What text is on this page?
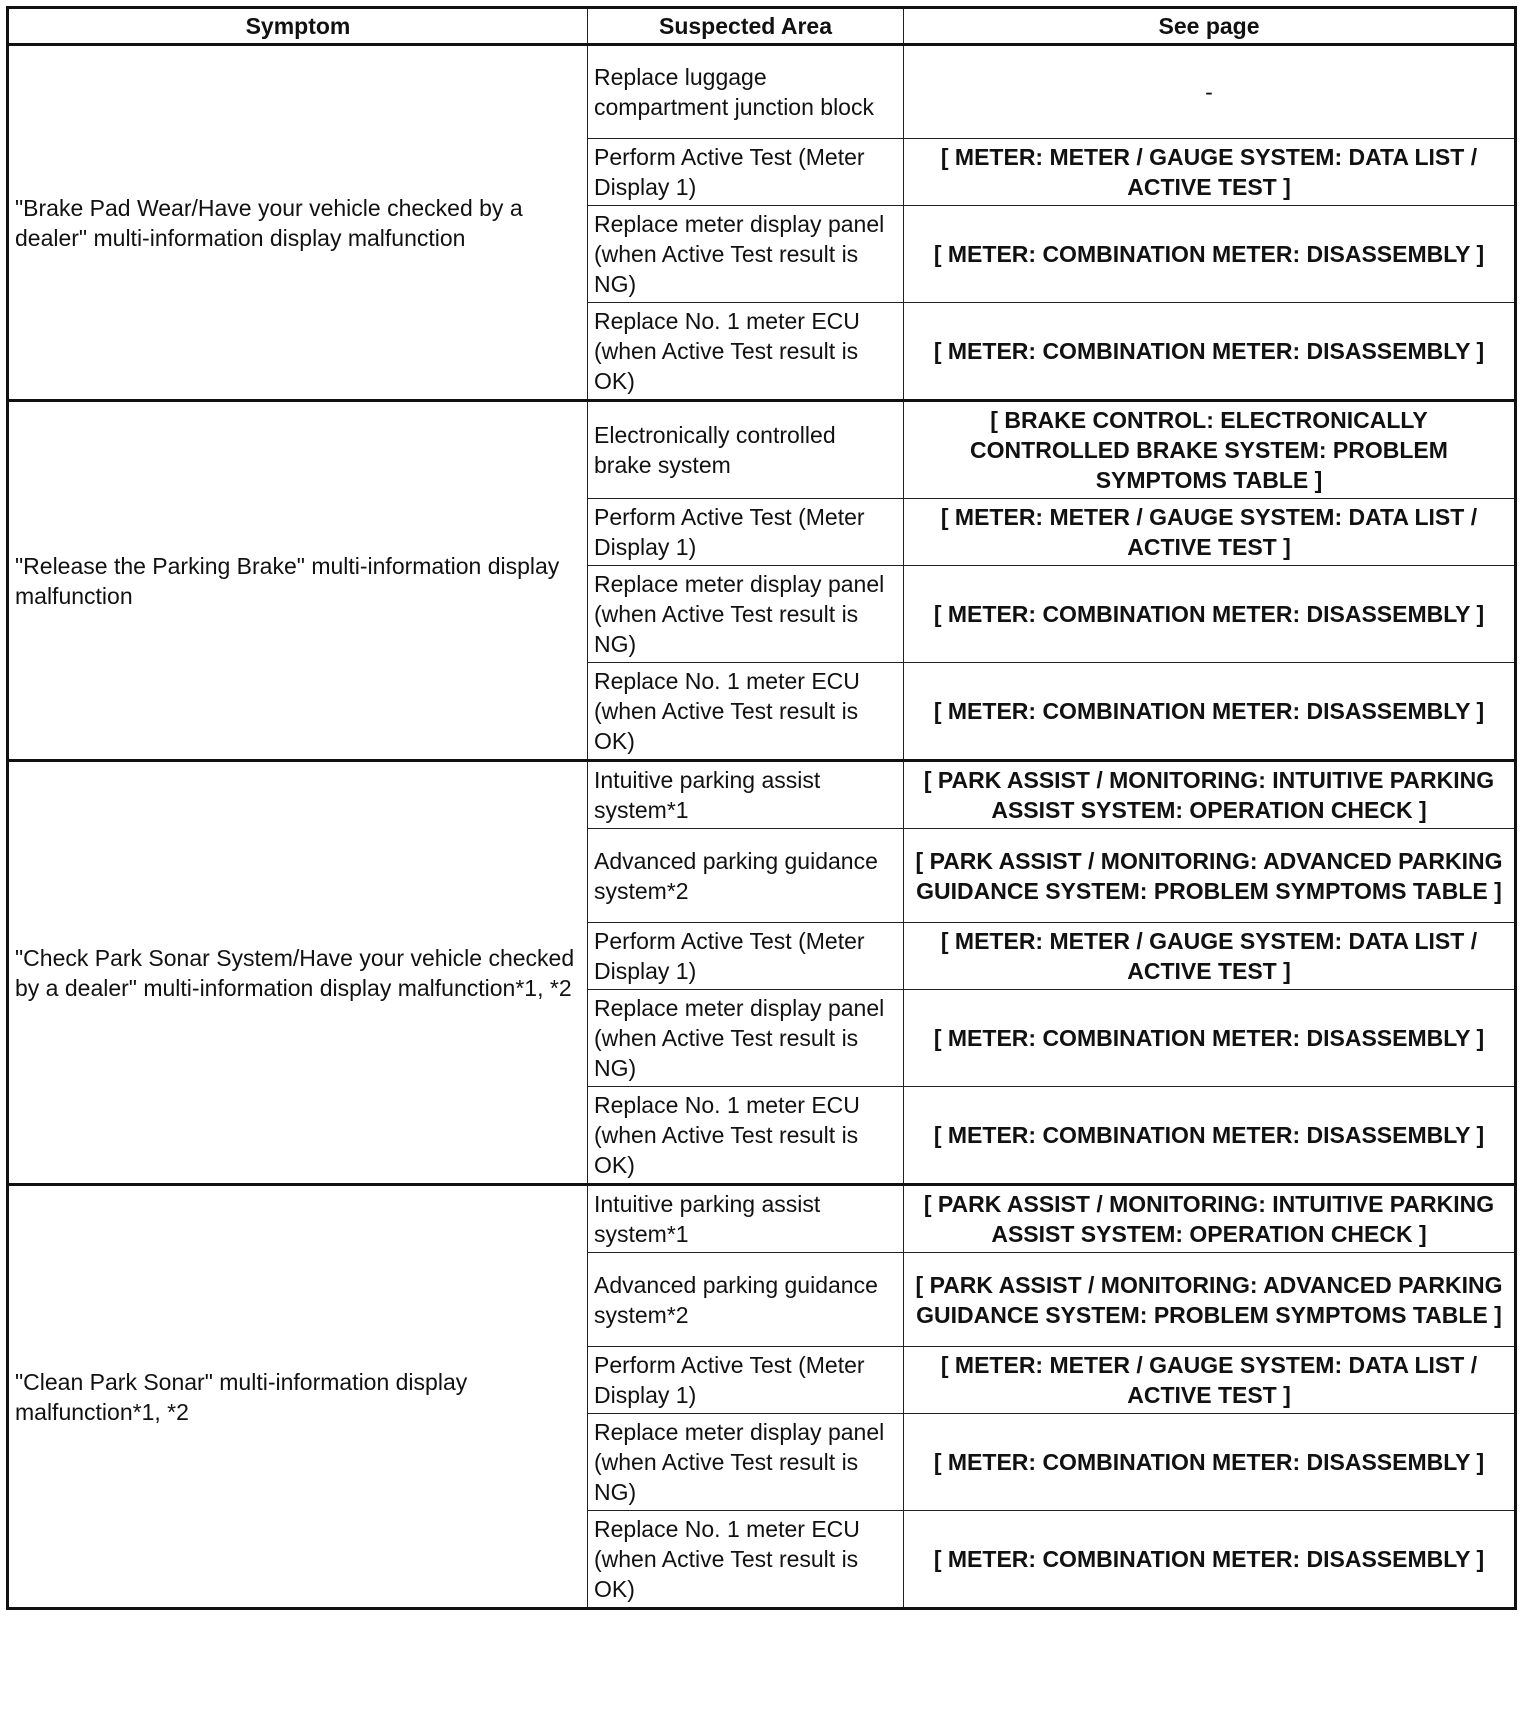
Symptom	Suspected Area	See page
"Brake Pad Wear/Have your vehicle checked by a dealer" multi-information display malfunction	Replace luggage compartment junction block	-
	Perform Active Test (Meter Display 1)	[ METER: METER / GAUGE SYSTEM: DATA LIST / ACTIVE TEST ]
	Replace meter display panel (when Active Test result is NG)	[ METER: COMBINATION METER: DISASSEMBLY ]
	Replace No. 1 meter ECU (when Active Test result is OK)	[ METER: COMBINATION METER: DISASSEMBLY ]
"Release the Parking Brake" multi-information display malfunction	Electronically controlled brake system	[ BRAKE CONTROL: ELECTRONICALLY CONTROLLED BRAKE SYSTEM: PROBLEM SYMPTOMS TABLE ]
	Perform Active Test (Meter Display 1)	[ METER: METER / GAUGE SYSTEM: DATA LIST / ACTIVE TEST ]
	Replace meter display panel (when Active Test result is NG)	[ METER: COMBINATION METER: DISASSEMBLY ]
	Replace No. 1 meter ECU (when Active Test result is OK)	[ METER: COMBINATION METER: DISASSEMBLY ]
"Check Park Sonar System/Have your vehicle checked by a dealer" multi-information display malfunction*1, *2	Intuitive parking assist system*1	[ PARK ASSIST / MONITORING: INTUITIVE PARKING ASSIST SYSTEM: OPERATION CHECK ]
	Advanced parking guidance system*2	[ PARK ASSIST / MONITORING: ADVANCED PARKING GUIDANCE SYSTEM: PROBLEM SYMPTOMS TABLE ]
	Perform Active Test (Meter Display 1)	[ METER: METER / GAUGE SYSTEM: DATA LIST / ACTIVE TEST ]
	Replace meter display panel (when Active Test result is NG)	[ METER: COMBINATION METER: DISASSEMBLY ]
	Replace No. 1 meter ECU (when Active Test result is OK)	[ METER: COMBINATION METER: DISASSEMBLY ]
"Clean Park Sonar" multi-information display malfunction*1, *2	Intuitive parking assist system*1	[ PARK ASSIST / MONITORING: INTUITIVE PARKING ASSIST SYSTEM: OPERATION CHECK ]
	Advanced parking guidance system*2	[ PARK ASSIST / MONITORING: ADVANCED PARKING GUIDANCE SYSTEM: PROBLEM SYMPTOMS TABLE ]
	Perform Active Test (Meter Display 1)	[ METER: METER / GAUGE SYSTEM: DATA LIST / ACTIVE TEST ]
	Replace meter display panel (when Active Test result is NG)	[ METER: COMBINATION METER: DISASSEMBLY ]
	Replace No. 1 meter ECU (when Active Test result is OK)	[ METER: COMBINATION METER: DISASSEMBLY ]
